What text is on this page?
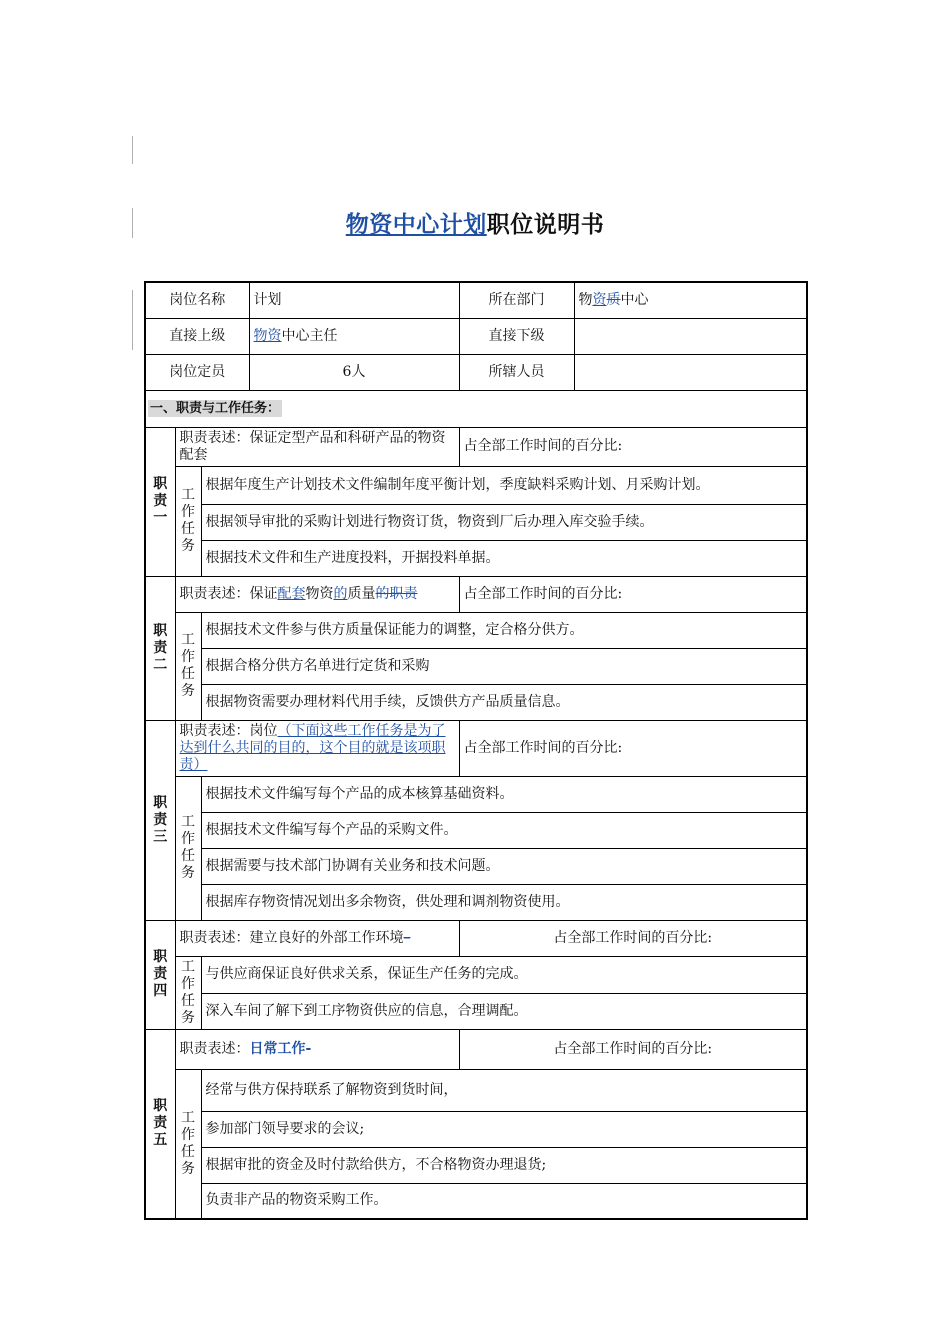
物资中心计划职位说明书
岗位名称			计划	所在部门	物资质中心
直接上级			物资中心主任	直接下级	
岗位定员			6人	所辖人员	
一、职责与工作任务：					
职责一	职责表述：保证定型产品和科研产品的物资配套			占全部工作时间的百分比:	
	工作任务	根据年度生产计划技术文件编制年度平衡计划，季度缺料采购计划、月采购计划。			
		根据领导审批的采购计划进行物资订货，物资到厂后办理入库交验手续。			
		根据技术文件和生产进度投料，开据投料单据。			
职责二	职责表述：保证配套物资的质量的职责			占全部工作时间的百分比:	
	工作任务	根据技术文件参与供方质量保证能力的调整，定合格分供方。			
		根据合格分供方名单进行定货和采购			
		根据物资需要办理材料代用手续，反馈供方产品质量信息。			
职责三	职责表述：岗位（下面这些工作任务是为了达到什么共同的目的，这个目的就是该项职责）			占全部工作时间的百分比:	
	工作任务	根据技术文件编写每个产品的成本核算基础资料。			
		根据技术文件编写每个产品的采购文件。			
		根据需要与技术部门协调有关业务和技术问题。			
		根据库存物资情况划出多余物资，供处理和调剂物资使用。			
职责四	职责表述：建立良好的外部工作环境–			占全部工作时间的百分比:	
	工作任务	与供应商保证良好供求关系，保证生产任务的完成。			
		深入车间了解下到工序物资供应的信息，合理调配。			
职责五	职责表述：日常工作-			占全部工作时间的百分比:	
	工作任务	经常与供方保持联系了解物资到货时间，			
		参加部门领导要求的会议;			
		根据审批的资金及时付款给供方，不合格物资办理退货;			
		负责非产品的物资采购工作。			
